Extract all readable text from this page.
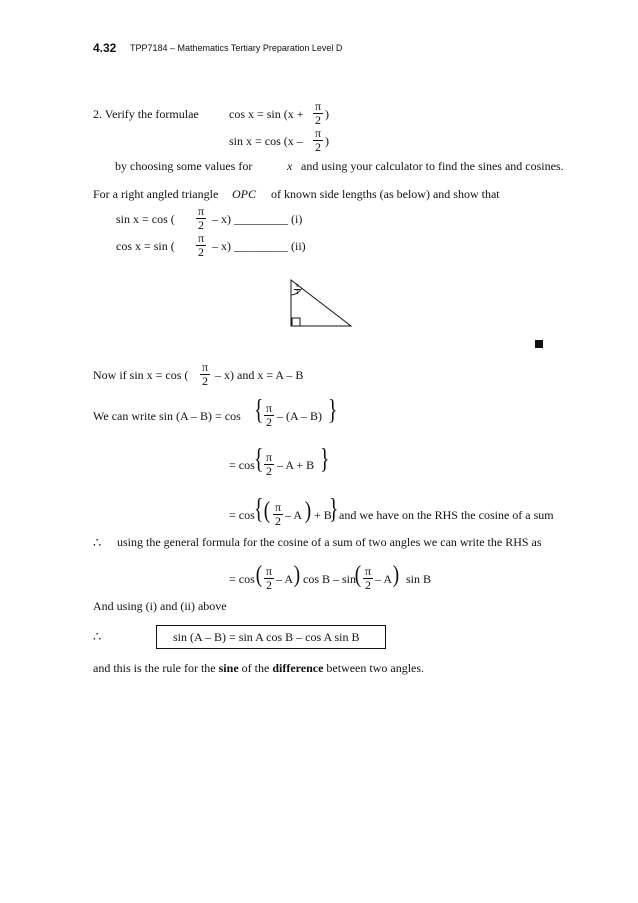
4.32 TPP7184 – Mathematics Tertiary Preparation Level D
2. Verify the formulae	cos x = sin (x +
π
2 )
sin x = cos (x –
π
2 )
by choosing some values for	x and using your calculator to find the sines and cosines.
For a right angled triangle OPC of known side lengths (as below) and show that
sin x = cos (
π
2 – x) _________ (i)
cos x = sin (
π
2 – x) _________ (ii)
π
2
Now if sin x = cos (
π
2 – x) and x = A – B
We can write sin (A – B) = cos { π
2 – (A – B) }
= cos { π
2 – A + B }
= cos { ( π
2 – A ) + B
} and we have on the RHS the cosine of a sum
∴ using the general formula for the cosine of a sum of two angles we can write the RHS as
= cos ( π
2 – A ) cos B – sin
( π
2 – A ) sin B
And using (i) and (ii) above
∴	sin (A – B) = sin A cos B – cos A sin B
and this is the rule for the sine of the difference between two angles.
